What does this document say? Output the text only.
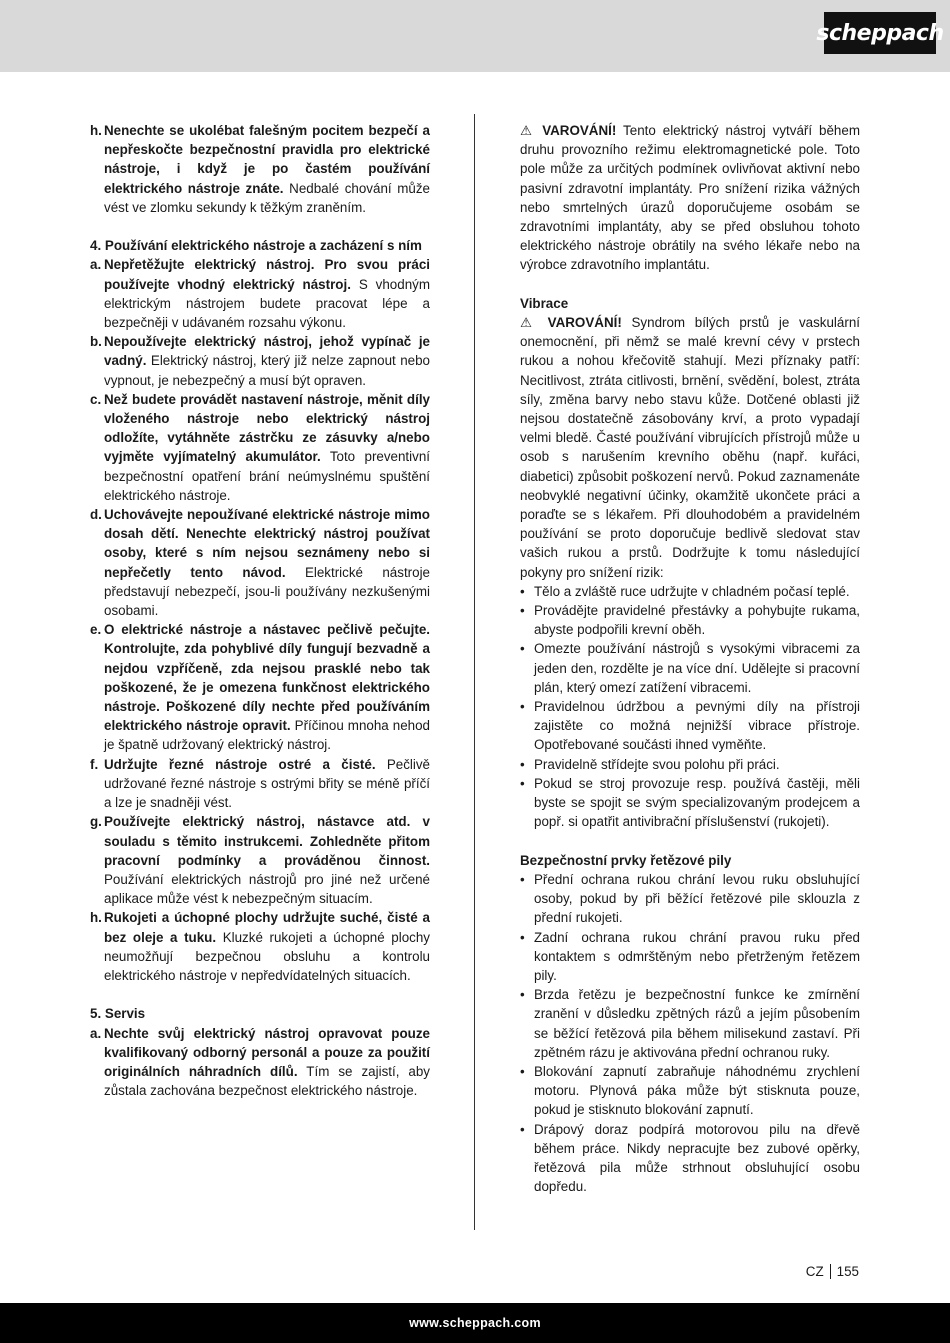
scheppach
h. Nenechte se ukolébat falešným pocitem bezpečí a nepřeskočte bezpečnostní pravidla pro elektrické nástroje, i když je po častém používání elektrického nástroje znáte. Nedbalé chování může vést ve zlomku sekundy k těžkým zraněním.

4. Používání elektrického nástroje a zacházení s ním

a. Nepřetěžujte elektrický nástroj. Pro svou práci používejte vhodný elektrický nástroj. S vhodným elektrickým nástrojem budete pracovat lépe a bezpečněji v udávaném rozsahu výkonu.
b. Nepoužívejte elektrický nástroj, jehož vypínač je vadný. Elektrický nástroj, který již nelze zapnout nebo vypnout, je nebezpečný a musí být opraven.
c. Než budete provádět nastavení nástroje, měnit díly vloženého nástroje nebo elektrický nástroj odložíte, vytáhněte zástrčku ze zásuvky a/nebo vyjměte vyjímatelný akumulátor. Toto preventivní bezpečnostní opatření brání neúmyslnému spuštění elektrického nástroje.
d. Uchovávejte nepoužívané elektrické nástroje mimo dosah dětí. Nenechte elektrický nástroj používat osoby, které s ním nejsou seznámeny nebo si nepřečetly tento návod. Elektrické nástroje představují nebezpečí, jsou-li používány nezkušenými osobami.
e. O elektrické nástroje a nástavec pečlivě pečujte. Kontrolujte, zda pohyblivé díly fungují bezvadně a nejdou vzpříčeně, zda nejsou prasklé nebo tak poškozené, že je omezena funkčnost elektrického nástroje. Poškozené díly nechte před používáním elektrického nástroje opravit. Příčinou mnoha nehod je špatně udržovaný elektrický nástroj.
f. Udržujte řezné nástroje ostré a čisté. Pečlivě udržované řezné nástroje s ostrými břity se méně příčí a lze je snadněji vést.
g. Používejte elektrický nástroj, nástavce atd. v souladu s těmito instrukcemi. Zohledněte přitom pracovní podmínky a prováděnou činnost. Používání elektrických nástrojů pro jiné než určené aplikace může vést k nebezpečným situacím.
h. Rukojeti a úchopné plochy udržujte suché, čisté a bez oleje a tuku. Kluzké rukojeti a úchopné plochy neumožňují bezpečnou obsluhu a kontrolu elektrického nástroje v nepředvídatelných situacích.

5. Servis

a. Nechte svůj elektrický nástroj opravovat pouze kvalifikovaný odborný personál a pouze za použití originálních náhradních dílů. Tím se zajistí, aby zůstala zachována bezpečnost elektrického nástroje.

⚠ VAROVÁNÍ! Tento elektrický nástroj vytváří během druhu provozního režimu elektromagnetické pole. Toto pole může za určitých podmínek ovlivňovat aktivní nebo pasivní zdravotní implantáty. Pro snížení rizika vážných nebo smrtelných úrazů doporučujeme osobám se zdravotními implantáty, aby se před obsluhou tohoto elektrického nástroje obrátily na svého lékaře nebo na výrobce zdravotního implantátu.

Vibrace

⚠ VAROVÁNÍ! Syndrom bílých prstů je vaskulární onemocnění, při němž se malé krevní cévy v prstech rukou a nohou křečovitě stahují. Mezi příznaky patří: Necitlivost, ztráta citlivosti, brnění, svědění, bolest, ztráta síly, změna barvy nebo stavu kůže. Dotčené oblasti již nejsou dostatečně zásobovány krví, a proto vypadají velmi bledě. Časté používání vibrujících přístrojů může u osob s narušením krevního oběhu (např. kuřáci, diabetici) způsobit poškození nervů. Pokud zaznamenáte neobvyklé negativní účinky, okamžitě ukončete práci a poraďte se s lékařem. Při dlouhodobém a pravidelném používání se proto doporučuje bedlivě sledovat stav vašich rukou a prstů. Dodržujte k tomu následující pokyny pro snížení rizik:

• Tělo a zvláště ruce udržujte v chladném počasí teplé.
• Provádějte pravidelné přestávky a pohybujte rukama, abyste podpořili krevní oběh.
• Omezte používání nástrojů s vysokými vibracemi za jeden den, rozdělte je na více dní. Udělejte si pracovní plán, který omezí zatížení vibracemi.
• Pravidelnou údržbou a pevnými díly na přístroji zajistěte co možná nejnižší vibrace přístroje. Opotřebované součásti ihned vyměňte.
• Pravidelně střídejte svou polohu při práci.
• Pokud se stroj provozuje resp. používá častěji, měli byste se spojit se svým specializovaným prodejcem a popř. si opatřit antivibrační příslušenství (rukojeti).

Bezpečnostní prvky řetězové pily

• Přední ochrana rukou chrání levou ruku obsluhující osoby, pokud by při běžící řetězové pile sklouzla z přední rukojeti.
• Zadní ochrana rukou chrání pravou ruku před kontaktem s odmrštěným nebo přetrženým řetězem pily.
• Brzda řetězu je bezpečnostní funkce ke zmírnění zranění v důsledku zpětných rázů a jejím působením se běžící řetězová pila během milisekund zastaví. Při zpětném rázu je aktivována přední ochranou ruky.
• Blokování zapnutí zabraňuje náhodnému zrychlení motoru. Plynová páka může být stisknuta pouze, pokud je stisknuto blokování zapnutí.
• Drápový doraz podpírá motorovou pilu na dřevě během práce. Nikdy nepracujte bez zubové opěrky, řetězová pila může strhnout obsluhující osobu dopředu.
CZ 155
www.scheppach.com
